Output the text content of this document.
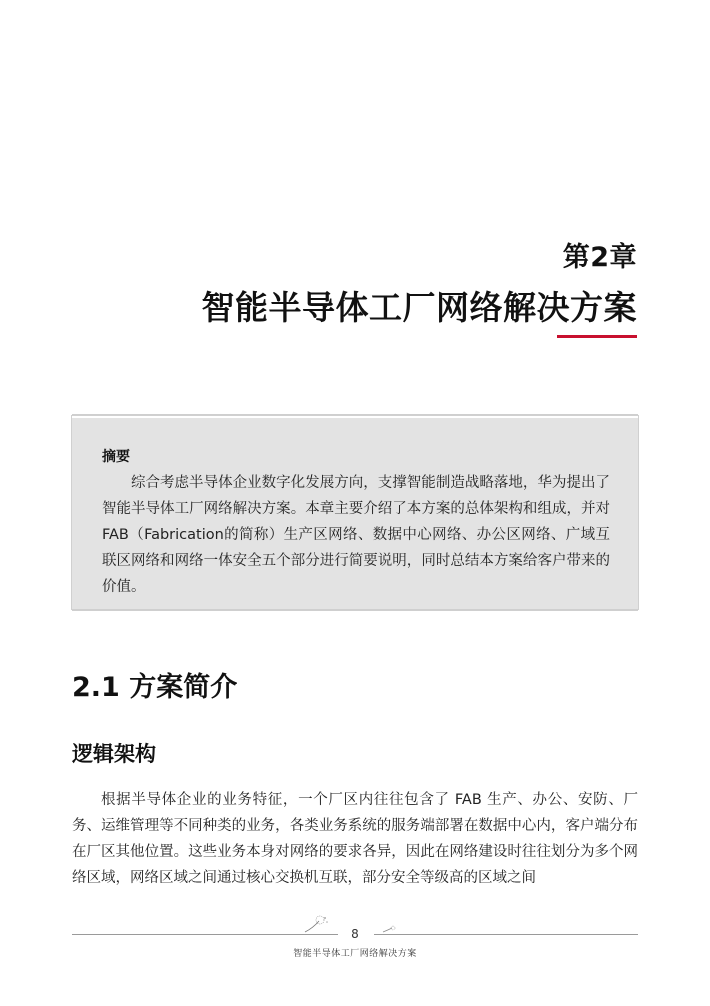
第2章
智能半导体工厂网络解决方案
摘要

综合考虑半导体企业数字化发展方向，支撑智能制造战略落地，华为提出了智能半导体工厂网络解决方案。本章主要介绍了本方案的总体架构和组成，并对FAB（Fabrication的简称）生产区网络、数据中心网络、办公区网络、广域互联区网络和网络一体安全五个部分进行简要说明，同时总结本方案给客户带来的价值。

2.1 方案简介
逻辑架构

根据半导体企业的业务特征，一个厂区内往往包含了 FAB 生产、办公、安防、厂务、运维管理等不同种类的业务，各类业务系统的服务端部署在数据中心内，客户端分布在厂区其他位置。这些业务本身对网络的要求各异，因此在网络建设时往往划分为多个网络区域，网络区域之间通过核心交换机互联，部分安全等级高的区域之间

8
智能半导体工厂网络解决方案
